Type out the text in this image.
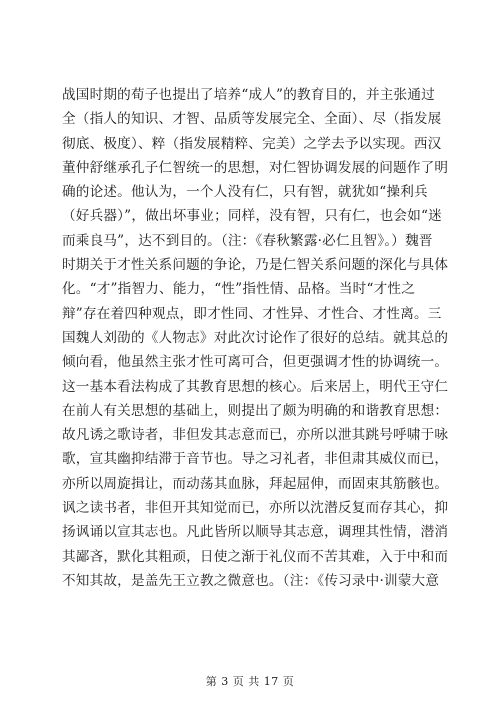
战国时期的荀子也提出了培养“成人”的教育目的，并主张通过
全（指人的知识、才智、品质等发展完全、全面）、尽（指发展
彻底、极度）、粹（指发展精粹、完美）之学去予以实现。西汉
董仲舒继承孔子仁智统一的思想，对仁智协调发展的问题作了明
确的论述。他认为，一个人没有仁，只有智，就犹如“操利兵
（好兵器）”，做出坏事业；同样，没有智，只有仁，也会如“迷
而乘良马”，达不到目的。（注：《春秋繁露·必仁且智》。）魏晋
时期关于才性关系问题的争论，乃是仁智关系问题的深化与具体
化。“才”指智力、能力，“性”指性情、品格。当时“才性之
辩”存在着四种观点，即才性同、才性异、才性合、才性离。三
国魏人刘劭的《人物志》对此次讨论作了很好的总结。就其总的
倾向看，他虽然主张才性可离可合，但更强调才性的协调统一。
这一基本看法构成了其教育思想的核心。后来居上，明代王守仁
在前人有关思想的基础上，则提出了颇为明确的和谐教育思想：
故凡诱之歌诗者，非但发其志意而已，亦所以泄其跳号呼啸于咏
歌，宣其幽抑结滞于音节也。导之习礼者，非但肃其威仪而已，
亦所以周旋揖让，而动荡其血脉，拜起屈伸，而固束其筋骸也。
讽之读书者，非但开其知觉而已，亦所以沈潜反复而存其心，抑
扬讽诵以宣其志也。凡此皆所以顺导其志意，调理其性情，潜消
其鄙吝，默化其粗顽，日使之渐于礼仪而不苦其难，入于中和而
不知其故，是盖先王立教之微意也。（注：《传习录中·训蒙大意
第 3 页 共 17 页
